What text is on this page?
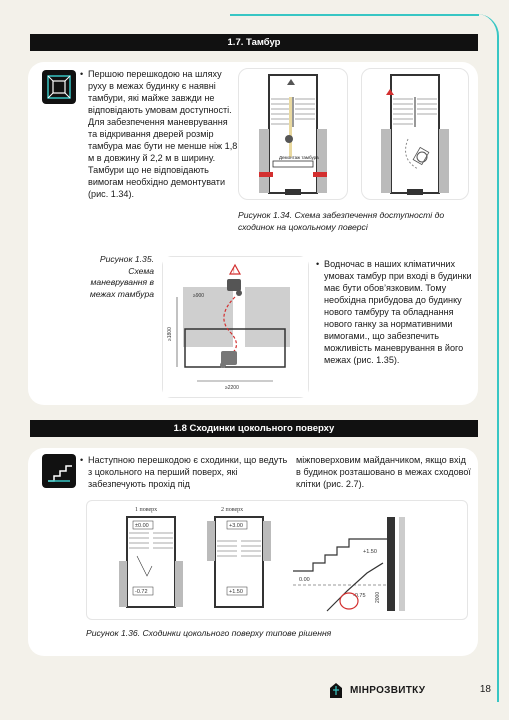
1.7. Тамбур
• Першою перешкодою на шляху руху в межах будинку є наявні тамбури, які майже завжди не відповідають умовам доступності. Для забезпечення маневрування та відкривання дверей розмір тамбура має бути не менше ніж 1,8 м в довжину й 2,2 м в ширину. Тамбури що не відповідають вимогам необхідно демонтувати (рис. 1.34).
Демонтаж тамбура
Рисунок 1.34. Схема забезпечення доступності до сходинок на цокольному поверсі
Рисунок 1.35. Схема маневрування в межах тамбура
!
≥900
≥1800
≥2200
• Водночас в наших кліматичних умовах тамбур при вході в будинки має бути обов’язковим. Тому необхідна прибудова до будинку нового тамбуру та обладнання нового ганку за нормативними вимогами., що забезпечить можливість маневрування в його межах (рис. 1.35).
1.8 Сходинки цокольного поверху
• Наступною перешкодою є сходинки, що ведуть з цокольного на перший поверх, які забезпечують прохід під
міжповерховим майданчиком, якщо вхід в будинок розташовано в межах сходової клітки (рис. 2.7).
±0.00
-0.72
1 поверх
+3.00
+1.50
2 поверх
+1.50
0.00
-0.75 2000
Рисунок 1.36. Сходинки цокольного поверху типове рішення
МІНРОЗВИТКУ	18
